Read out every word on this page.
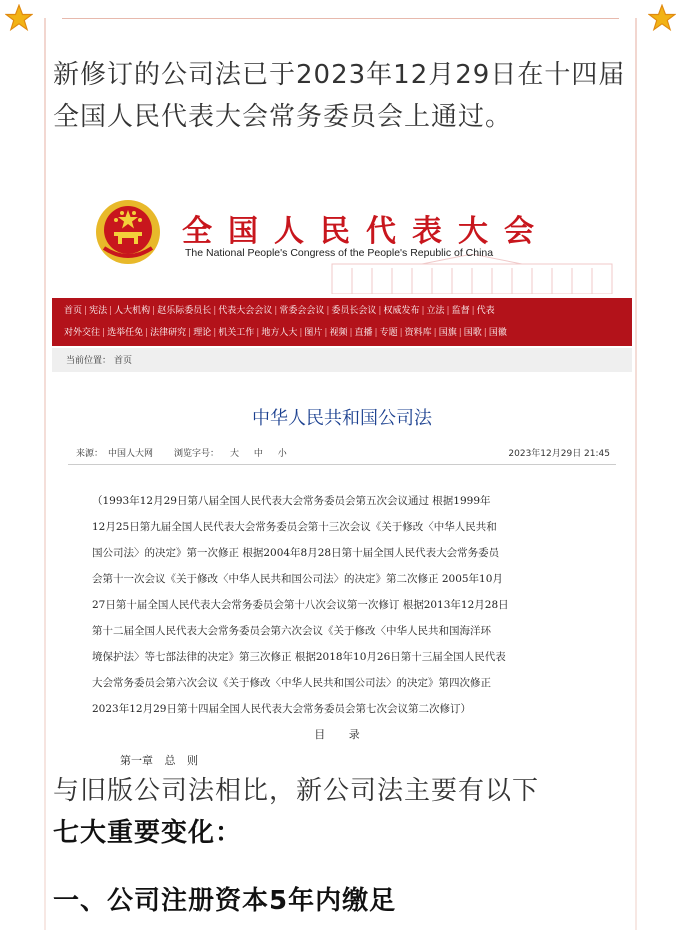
新修订的公司法已于2023年12月29日在十四届全国人民代表大会常务委员会上通过。
全国人民代表大会
The National People's Congress of the People's Republic of China
首页 | 宪法 | 人大机构 | 赵乐际委员长 | 代表大会会议 | 常委会会议 | 委员长会议 | 权威发布 | 立法 | 监督 | 代表
对外交往 | 选举任免 | 法律研究 | 理论 | 机关工作 | 地方人大 | 图片 | 视频 | 直播 | 专题 | 资料库 | 国旗 | 国歌 | 国徽
当前位置： 首页
中华人民共和国公司法
来源： 中国人大网 浏览字号： 大 中 小	2023年12月29日 21:45
（1993年12月29日第八届全国人民代表大会常务委员会第五次会议通过 根据1999年
12月25日第九届全国人民代表大会常务委员会第十三次会议《关于修改〈中华人民共和
国公司法〉的决定》第一次修正 根据2004年8月28日第十届全国人民代表大会常务委员
会第十一次会议《关于修改〈中华人民共和国公司法〉的决定》第二次修正 2005年10月
27日第十届全国人民代表大会常务委员会第十八次会议第一次修订 根据2013年12月28日
第十二届全国人民代表大会常务委员会第六次会议《关于修改〈中华人民共和国海洋环
境保护法〉等七部法律的决定》第三次修正 根据2018年10月26日第十三届全国人民代表
大会常务委员会第六次会议《关于修改〈中华人民共和国公司法〉的决定》第四次修正
2023年12月29日第十四届全国人民代表大会常务委员会第七次会议第二次修订）
目 录
第一章 总 则
与旧版公司法相比，新公司法主要有以下
七大重要变化：
一、公司注册资本5年内缴足
